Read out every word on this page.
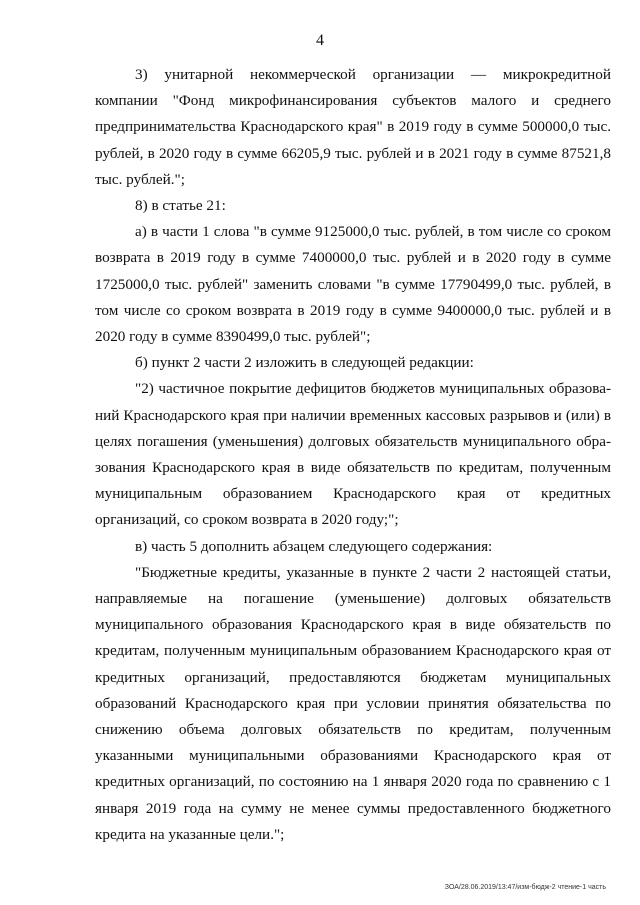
4

3) унитарной некоммерческой организации — микрокредитной компании "Фонд микрофинансирования субъектов малого и среднего предпринимательства Краснодарского края" в 2019 году в сумме 500000,0 тыс. рублей, в 2020 году в сумме 66205,9 тыс. рублей и в 2021 году в сумме 87521,8 тыс. рублей.";

8) в статье 21:

а) в части 1 слова "в сумме 9125000,0 тыс. рублей, в том числе со сроком возврата в 2019 году в сумме 7400000,0 тыс. рублей и в 2020 году в сумме 1725000,0 тыс. рублей" заменить словами "в сумме 17790499,0 тыс. рублей, в том числе со сроком возврата в 2019 году в сумме 9400000,0 тыс. рублей и в 2020 году в сумме 8390499,0 тыс. рублей";

б) пункт 2 части 2 изложить в следующей редакции:

"2) частичное покрытие дефицитов бюджетов муниципальных образований Краснодарского края при наличии временных кассовых разрывов и (или) в целях погашения (уменьшения) долговых обязательств муниципального образования Краснодарского края в виде обязательств по кредитам, полученным муниципальным образованием Краснодарского края от кредитных организаций, со сроком возврата в 2020 году;";

в) часть 5 дополнить абзацем следующего содержания:

"Бюджетные кредиты, указанные в пункте 2 части 2 настоящей статьи, направляемые на погашение (уменьшение) долговых обязательств муниципального образования Краснодарского края в виде обязательств по кредитам, полученным муниципальным образованием Краснодарского края от кредитных организаций, предоставляются бюджетам муниципальных образований Краснодарского края при условии принятия обязательства по снижению объема долговых обязательств по кредитам, полученным указанными муниципальными образованиями Краснодарского края от кредитных организаций, по состоянию на 1 января 2020 года по сравнению с 1 января 2019 года на сумму не менее суммы предоставленного бюджетного кредита на указанные цели.";

ЗОА/28.06.2019/13:47/изм-бюдж-2 чтение-1 часть
